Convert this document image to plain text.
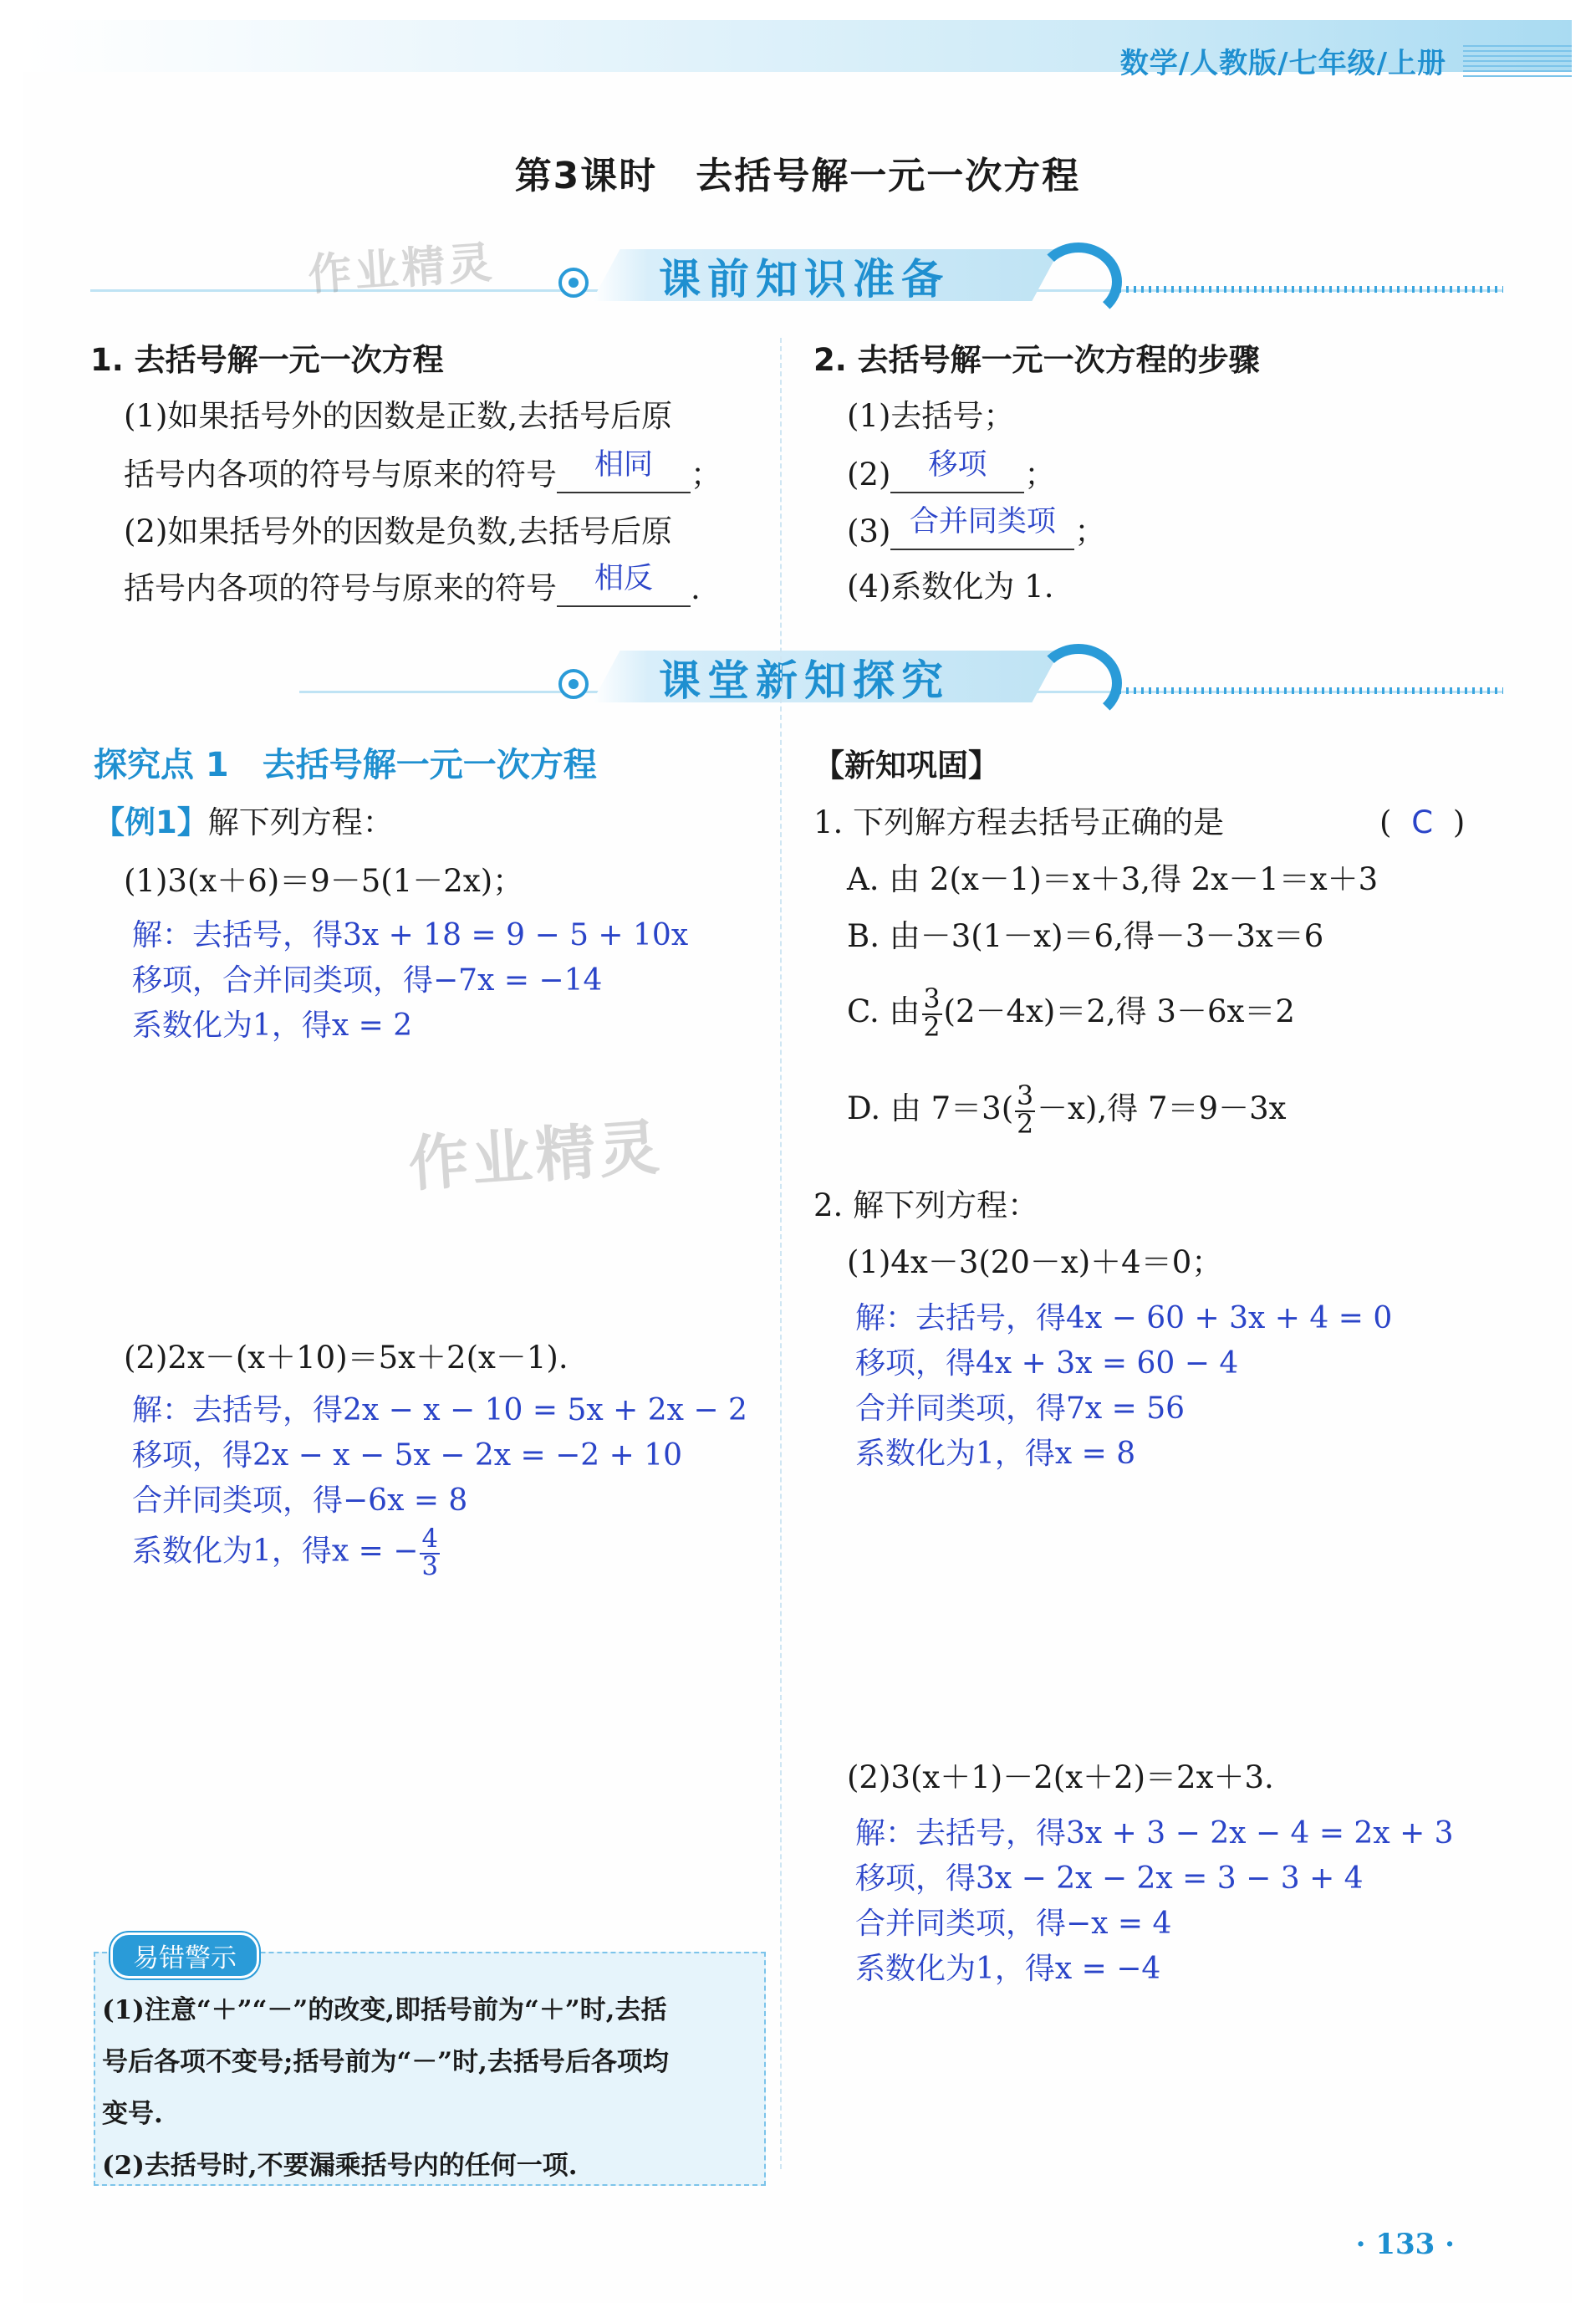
数学/人教版/七年级/上册
第3课时　去括号解一元一次方程
课前知识准备
作业精灵
1. 去括号解一元一次方程
(1)如果括号外的因数是正数,去括号后原
括号内各项的符号与原来的符号	相同	；
(2)如果括号外的因数是负数,去括号后原
括号内各项的符号与原来的符号	相反	.
2. 去括号解一元一次方程的步骤
(1)去括号；
(2)	移项	；
(3) 合并同类项 ；
(4)系数化为 1.
课堂新知探究
探究点 1　去括号解一元一次方程
【例1】解下列方程：
(1)3(x＋6)＝9－5(1－2x)；
解：去括号，得3x + 18 = 9 − 5 + 10x
移项，合并同类项，得−7x = −14
系数化为1，得x = 2
作业精灵
(2)2x－(x＋10)＝5x＋2(x－1).
解：去括号，得2x − x − 10 = 5x + 2x − 2
移项，得2x − x − 5x − 2x = −2 + 10
合并同类项，得−6x = 8
系数化为1，得x = − $\frac{4}{3}$
易错警示
(1)注意“＋”“－”的改变,即括号前为“＋”时,去括
号后各项不变号;括号前为“－”时,去括号后各项均
变号.
(2)去括号时,不要漏乘括号内的任何一项.
【新知巩固】
1. 下列解方程去括号正确的是	( C )
A. 由 2(x－1)＝x＋3,得 2x－1＝x＋3
B. 由－3(1－x)＝6,得－3－3x＝6
C. 由 $\frac{3}{2} (2-4x)=2$,得 3－6x＝2
D. 由 $7=3( \frac{3}{2} -x)$,得 7＝9－3x
2. 解下列方程：
(1)4x－3(20－x)＋4＝0；
解：去括号，得4x − 60 + 3x + 4 = 0
移项，得4x + 3x = 60 − 4
合并同类项，得7x = 56
系数化为1，得x = 8
(2)3(x＋1)－2(x＋2)＝2x＋3.
解：去括号，得3x + 3 − 2x − 4 = 2x + 3
移项，得3x − 2x − 2x = 3 − 3 + 4
合并同类项，得−x = 4
系数化为1，得x = −4
· 133 ·
